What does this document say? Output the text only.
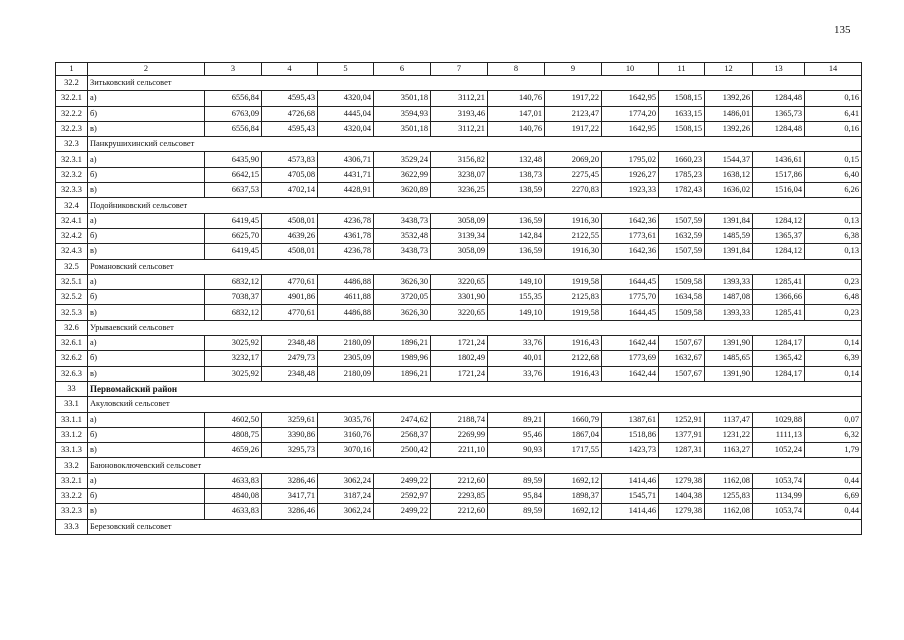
135
1	2	3	4	5	6	7	8	9	10	11	12	13	14
32.2	Зитьковский сельсовет												
32.2.1	а)	6556,84	4595,43	4320,04	3501,18	3112,21	140,76	1917,22	1642,95	1508,15	1392,26	1284,48	0,16
32.2.2	б)	6763,09	4726,68	4445,04	3594,93	3193,46	147,01	2123,47	1774,20	1633,15	1486,01	1365,73	6,41
32.2.3	в)	6556,84	4595,43	4320,04	3501,18	3112,21	140,76	1917,22	1642,95	1508,15	1392,26	1284,48	0,16
32.3	Панкрушихинский сельсовет												
32.3.1	а)	6435,90	4573,83	4306,71	3529,24	3156,82	132,48	2069,20	1795,02	1660,23	1544,37	1436,61	0,15
32.3.2	б)	6642,15	4705,08	4431,71	3622,99	3238,07	138,73	2275,45	1926,27	1785,23	1638,12	1517,86	6,40
32.3.3	в)	6637,53	4702,14	4428,91	3620,89	3236,25	138,59	2270,83	1923,33	1782,43	1636,02	1516,04	6,26
32.4	Подойниковский сельсовет												
32.4.1	а)	6419,45	4508,01	4236,78	3438,73	3058,09	136,59	1916,30	1642,36	1507,59	1391,84	1284,12	0,13
32.4.2	б)	6625,70	4639,26	4361,78	3532,48	3139,34	142,84	2122,55	1773,61	1632,59	1485,59	1365,37	6,38
32.4.3	в)	6419,45	4508,01	4236,78	3438,73	3058,09	136,59	1916,30	1642,36	1507,59	1391,84	1284,12	0,13
32.5	Романовский сельсовет												
32.5.1	а)	6832,12	4770,61	4486,88	3626,30	3220,65	149,10	1919,58	1644,45	1509,58	1393,33	1285,41	0,23
32.5.2	б)	7038,37	4901,86	4611,88	3720,05	3301,90	155,35	2125,83	1775,70	1634,58	1487,08	1366,66	6,48
32.5.3	в)	6832,12	4770,61	4486,88	3626,30	3220,65	149,10	1919,58	1644,45	1509,58	1393,33	1285,41	0,23
32.6	Урываевский сельсовет												
32.6.1	а)	3025,92	2348,48	2180,09	1896,21	1721,24	33,76	1916,43	1642,44	1507,67	1391,90	1284,17	0,14
32.6.2	б)	3232,17	2479,73	2305,09	1989,96	1802,49	40,01	2122,68	1773,69	1632,67	1485,65	1365,42	6,39
32.6.3	в)	3025,92	2348,48	2180,09	1896,21	1721,24	33,76	1916,43	1642,44	1507,67	1391,90	1284,17	0,14
33	Первомайский район												
33.1	Акуловский сельсовет												
33.1.1	а)	4602,50	3259,61	3035,76	2474,62	2188,74	89,21	1660,79	1387,61	1252,91	1137,47	1029,88	0,07
33.1.2	б)	4808,75	3390,86	3160,76	2568,37	2269,99	95,46	1867,04	1518,86	1377,91	1231,22	1111,13	6,32
33.1.3	в)	4659,26	3295,73	3070,16	2500,42	2211,10	90,93	1717,55	1423,73	1287,31	1163,27	1052,24	1,79
33.2	Баюновоключевский сельсовет												
33.2.1	а)	4633,83	3286,46	3062,24	2499,22	2212,60	89,59	1692,12	1414,46	1279,38	1162,08	1053,74	0,44
33.2.2	б)	4840,08	3417,71	3187,24	2592,97	2293,85	95,84	1898,37	1545,71	1404,38	1255,83	1134,99	6,69
33.2.3	в)	4633,83	3286,46	3062,24	2499,22	2212,60	89,59	1692,12	1414,46	1279,38	1162,08	1053,74	0,44
33.3	Березовский сельсовет												
